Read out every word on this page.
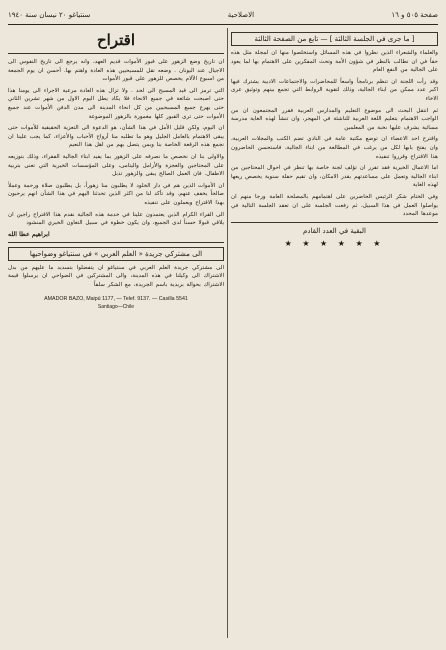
صفحة ٥٠٥ و ١٦
الاصلاحية
سنتياغو ٢٠ نيسان سنة ١٩٤٠
[ ما جرى في الجلسة الثالثة ] — تابع من الصفحة الثالثة

والعلماء والشعراء الذين نظروا في هذه المسائل واستخلصوا منها ان لمجلة مثل هذه حقاً في ان تطالب بالنظر في شؤون الأمة وتحث المفكرين على الاهتمام بها لما يعود على الجالية من النفع العام

وقد رأت اللجنة ان تنظم برنامجاً واسعاً للمحاضرات والاجتماعات الادبية يشترك فيها اكبر عدد ممكن من ابناء الجالية، وذلك لتقوية الروابط التي تجمع بينهم وتوثيق عرى الاخاء

ثم انتقل البحث الى موضوع التعليم والمدارس العربية فقرر المجتمعون ان من الواجب الاهتمام بتعليم اللغة العربية للناشئة في المهجر، وان تنشأ لهذه الغاية مدرسة مسائية يشرف عليها نخبة من المعلمين

واقترح احد الاعضاء ان توضع مكتبة عامة في النادي تضم الكتب والمجلات العربية، وان يفتح بابها لكل من يرغب في المطالعة من ابناء الجالية، فاستحسن الحاضرون هذا الاقتراح وقرروا تنفيذه

اما الاعمال الخيرية فقد تقرر ان تؤلف لجنة خاصة بها تنظر في احوال المحتاجين من ابناء الجالية وتعمل على مساعدتهم بقدر الامكان، وان تقيم حفلة سنوية يخصص ريعها لهذه الغاية

وفي الختام شكر الرئيس الحاضرين على اهتمامهم بالمصلحة العامة ورجا منهم ان يواصلوا العمل في هذا السبيل، ثم رفعت الجلسة على ان تعقد الجلسة التالية في موعدها المحدد

البقية في العدد القادم
★ ★ ★ ★ ★ ★
اقتراح

ان تاريخ وضع الزهور على قبور الأموات قديم العهد، وانه يرجع الى تاريخ النفوس الى الاجيال عند اليونان . وضعه نقل للمسيحيين هذه العادة واهتم بها. أحسن ان يوم الجمعة من اسبوع الآلام يخصص للزهور على قبور الأموات

التي ترمز الى قيد المسيح الى لحد . ولا تزال هذه العادة مرعية الاجراء الى يومنا هذا حتى اصبحت شائعة في جميع الانحاء فلا يكاد يطل اليوم الاول من شهر تشرين الثاني حتى يهرع جميع المسيحيين من كل انحاء المدينة الى مدن الدفن الأموات عند جميع الأموات حتى ترى القبور كلها مغمورة بالزهور الموضوعة

ان اليوم، ولكن قليل الأمل في هذا الشأن، هو الدعوة الى التعزية الحقيقية للأموات حتى يبقى الاهتمام بالعامل الجليل وهو ما تطلبه منا أرواح الأحباب والأعزاء، كما يجب علينا ان نجمع هذه الرقعة الخاصة بنا وبمن يتصل بهم من اهل هذا النعيم

والاولى بنا ان نخصص ما نصرفه على الزهور بما يفيد ابناء الجالية الفقراء، وذلك بتوزيعه على المحتاجين والعجزة والأرامل واليتامى، وعلى المؤسسات الخيرية التي تعنى بتربية الاطفال. فان العمل الصالح يبقى والزهور تذبل

ان الأموات الذين هم في دار الخلود لا يطلبون منا زهوراً، بل يطلبون صلاة ورحمة وعملاً صالحاً يخفف عنهم. وقد تأكد لنا من اكثر الذين تحدثنا اليهم في هذا الشأن انهم يرحبون بهذا الاقتراح ويعملون على تنفيذه

الى القراء الكرام الذين يعتمدون علينا في خدمة هذه الجالية نقدم هذا الاقتراح راجين ان يلاقي قبولا حسناً لدى الجميع، وان يكون خطوة في سبيل التعاون الخيري المنشود

ابراهيم عطا الله
الى مشتركي جريدة « العلم العربي » في سنتياغو وضواحيها

الى مشتركي جريدة العلم العربي في سنتياغو ان يتفضلوا بتسديد ما عليهم من بدل الاشتراك الى وكيلنا في هذه المدينة، والى المشتركين في الضواحي ان يرسلوا قيمة الاشتراك بحوالة بريدية باسم الجريدة، مع الشكر سلفاً

AMADOR BAZO, Maipú 1177, — Telef. 9137. — Casilla 5541
Santiago—Chile
